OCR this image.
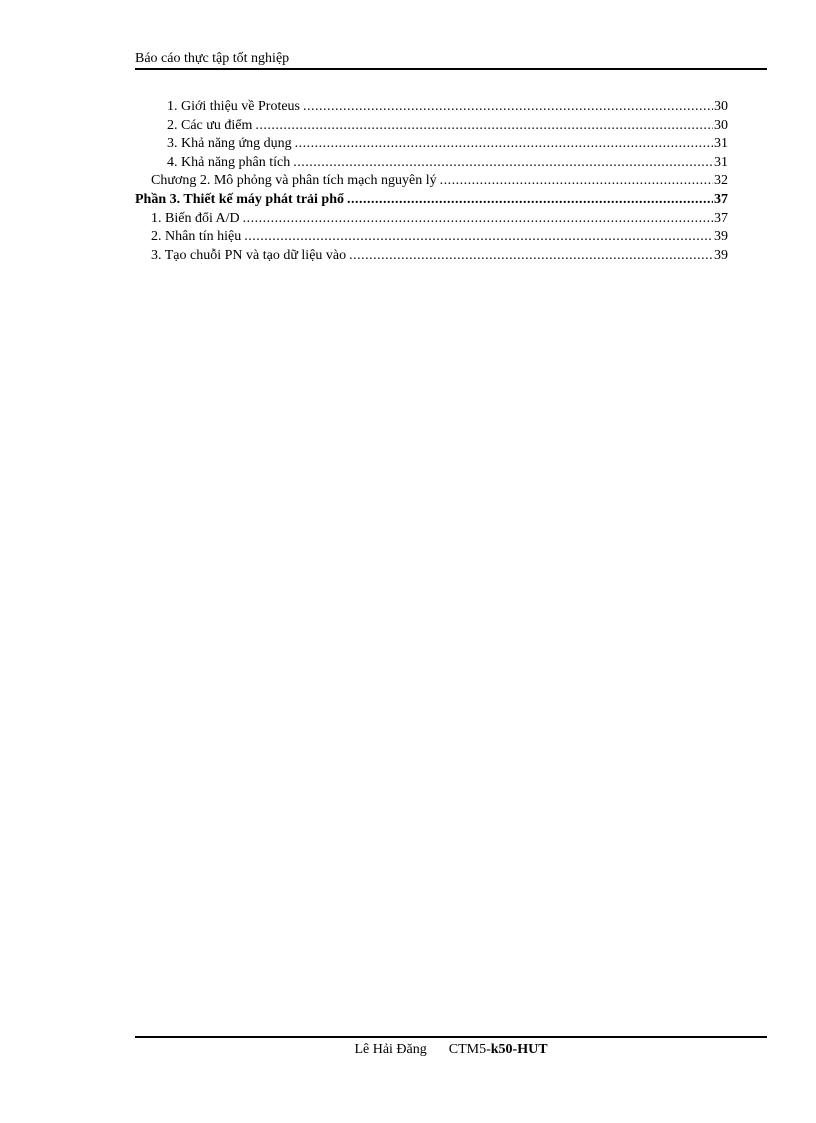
Báo cáo thực tập tốt nghiệp
1. Giới thiệu về Proteus .....	30
2. Các ưu điểm .....	30
3. Khả năng ứng dụng .....	31
4. Khả năng phân tích .....	31
Chương 2. Mô phỏng và phân tích mạch nguyên lý .....	32
Phần 3. Thiết kế máy phát trải phổ .....	37
1. Biến đổi A/D .....	37
2. Nhân tín hiệu .....	39
3. Tạo chuỗi PN và tạo dữ liệu vào .....	39
Lê Hải Đăng CTM5-k50-HUT
